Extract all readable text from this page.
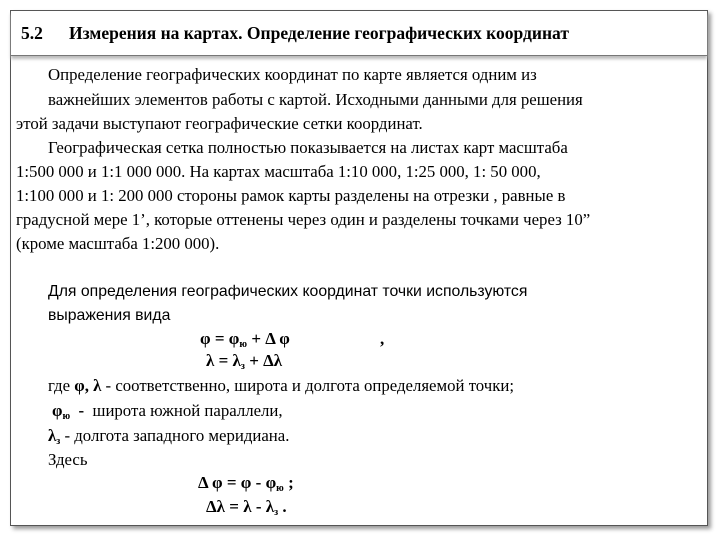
5.2 Измерения на картах. Определение географических координат
Определение географических координат по карте является одним из
важнейших элементов работы с картой. Исходными данными для решения
этой задачи выступают географические сетки координат.
Географическая сетка полностью показывается на листах карт масштаба
1:500 000 и 1:1 000 000. На картах масштаба 1:10 000, 1:25 000, 1: 50 000,
1:100 000 и 1: 200 000 стороны рамок карты разделены на отрезки , равные в
градусной мере 1’, которые оттенены через один и разделены точками через 10”
(кроме масштаба 1:200 000).
Для определения географических координат точки используются
выражения вида
$\varphi = \varphi_ю + \Delta$ φ	,
$\lambda = \lambda_з + \Delta\lambda$
где φ, λ - соответственно, широта и долгота определяемой точки;
$\varphi_ю$ - широта южной параллели,
$\lambda_з$ - долгота западного меридиана.
Здесь
Δ $\varphi = \varphi - \varphi_ю$ ;
$\Delta\lambda = \lambda - \lambda_з$ .
